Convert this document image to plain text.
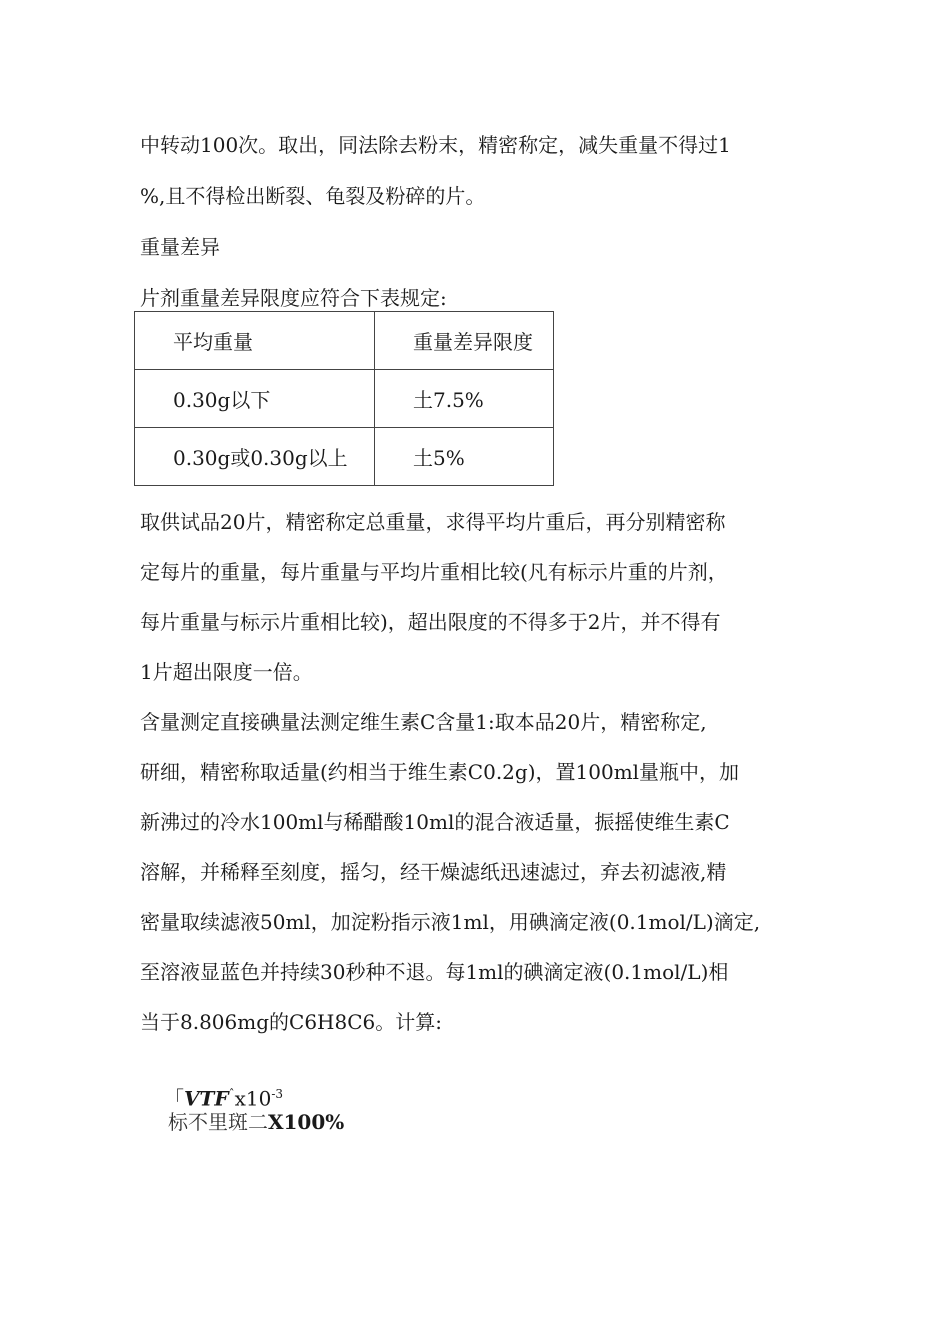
中转动100次。取出，同法除去粉末，精密称定，减失重量不得过1
%,且不得检出断裂、龟裂及粉碎的片。
重量差异
片剂重量差异限度应符合下表规定:
平均重量	重量差异限度
0.30g以下	土7.5%
0.30g或0.30g以上	土5%
取供试品20片，精密称定总重量，求得平均片重后，再分别精密称
定每片的重量，每片重量与平均片重相比较(凡有标示片重的片剂，
每片重量与标示片重相比较)，超出限度的不得多于2片，并不得有
1片超出限度一倍。
含量测定直接碘量法测定维生素C含量1:取本品20片，精密称定,
研细，精密称取适量(约相当于维生素C0.2g)，置100ml量瓶中，加
新沸过的冷水100ml与稀醋酸10ml的混合液适量，振摇使维生素C
溶解，并稀释至刻度，摇匀，经干燥滤纸迅速滤过，弃去初滤液,精
密量取续滤液50ml，加淀粉指示液1ml，用碘滴定液(0.1mol/L)滴定,
至溶液显蓝色并持续30秒种不退。每1ml的碘滴定液(0.1mol/L)相
当于8.806mg的C6H8C6。计算:
「$VTF^ˆx10^{-3}$
标不里斑二X100%
